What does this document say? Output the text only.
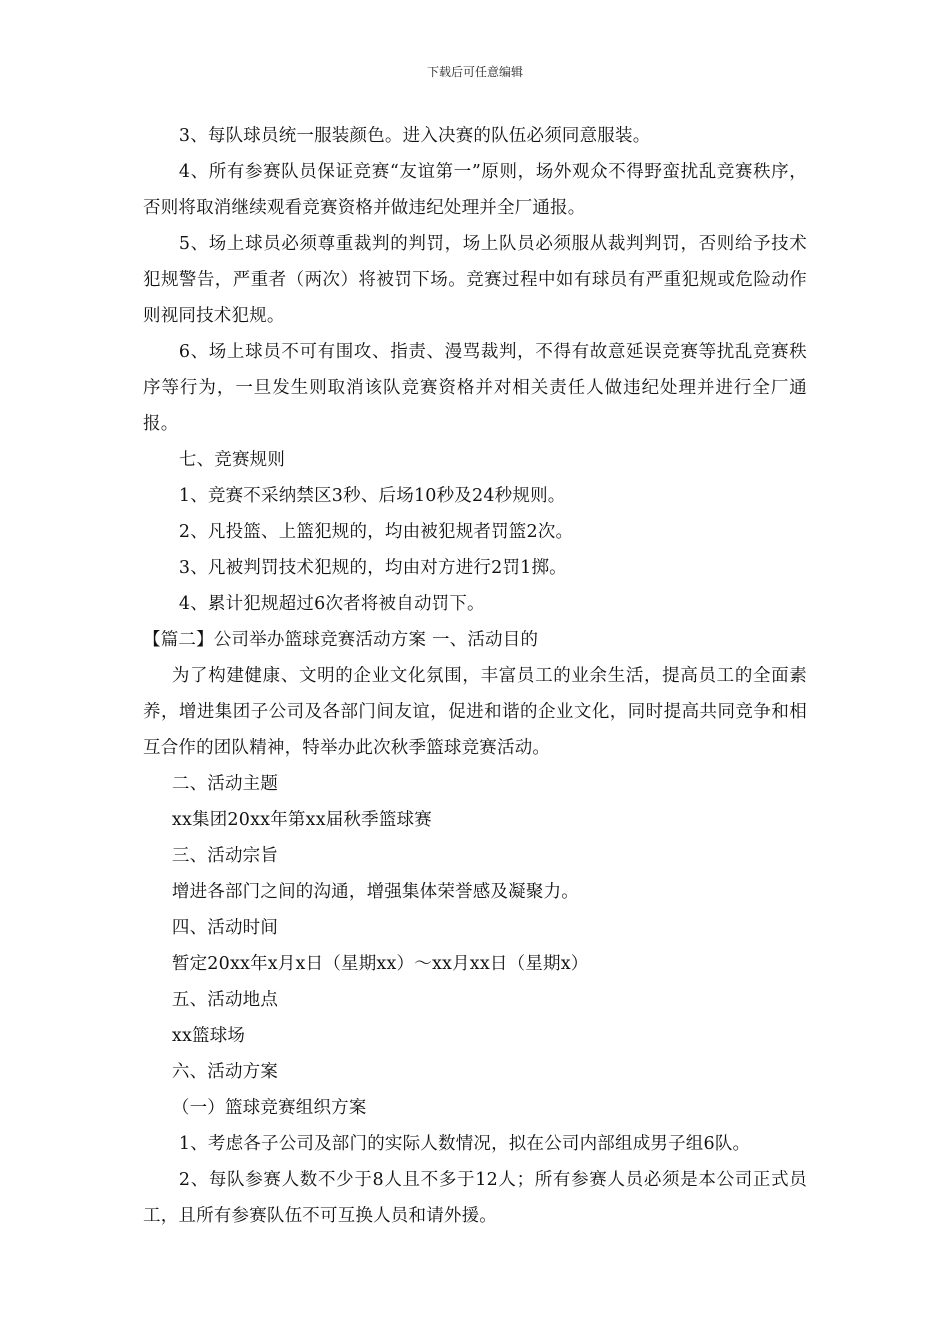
下载后可任意编辑

3、每队球员统一服装颜色。进入决赛的队伍必须同意服装。

4、所有参赛队员保证竞赛“友谊第一”原则，场外观众不得野蛮扰乱竞赛秩序，否则将取消继续观看竞赛资格并做违纪处理并全厂通报。

5、场上球员必须尊重裁判的判罚，场上队员必须服从裁判判罚，否则给予技术犯规警告，严重者（两次）将被罚下场。竞赛过程中如有球员有严重犯规或危险动作则视同技术犯规。

6、场上球员不可有围攻、指责、漫骂裁判，不得有故意延误竞赛等扰乱竞赛秩序等行为，一旦发生则取消该队竞赛资格并对相关责任人做违纪处理并进行全厂通报。

七、竞赛规则

1、竞赛不采纳禁区3秒、后场10秒及24秒规则。

2、凡投篮、上篮犯规的，均由被犯规者罚篮2次。

3、凡被判罚技术犯规的，均由对方进行2罚1掷。

4、累计犯规超过6次者将被自动罚下。

【篇二】公司举办篮球竞赛活动方案 一、活动目的

为了构建健康、文明的企业文化氛围，丰富员工的业余生活，提高员工的全面素养，增进集团子公司及各部门间友谊，促进和谐的企业文化，同时提高共同竞争和相互合作的团队精神，特举办此次秋季篮球竞赛活动。

二、活动主题

xx集团20xx年第xx届秋季篮球赛

三、活动宗旨

增进各部门之间的沟通，增强集体荣誉感及凝聚力。

四、活动时间

暂定20xx年x月x日（星期xx）～xx月xx日（星期x）

五、活动地点

xx篮球场

六、活动方案

（一）篮球竞赛组织方案

1、考虑各子公司及部门的实际人数情况，拟在公司内部组成男子组6队。

2、每队参赛人数不少于8人且不多于12人；所有参赛人员必须是本公司正式员工，且所有参赛队伍不可互换人员和请外援。
